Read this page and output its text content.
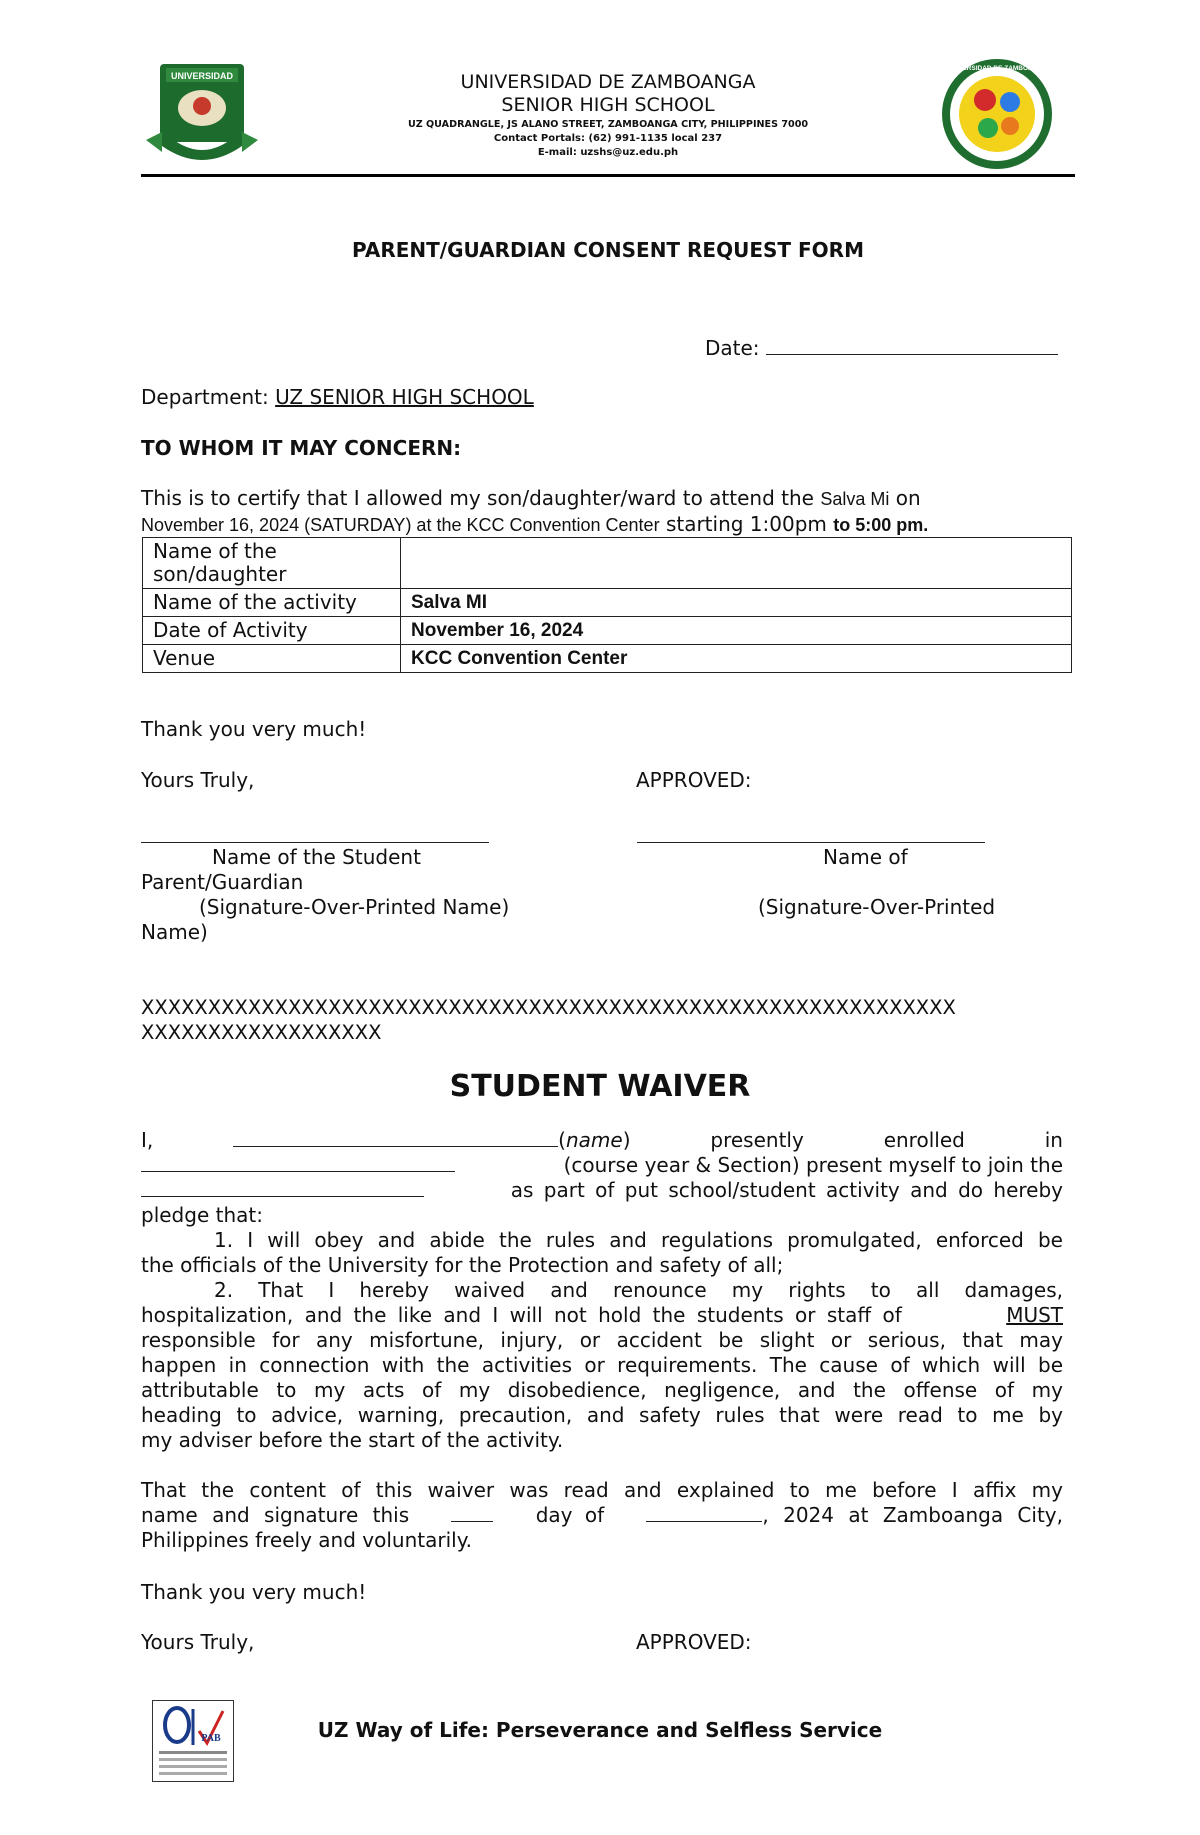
UNIVERSIDAD	UNIVERSIDAD DE ZAMBOANGA
SENIOR HIGH SCHOOL
UZ QUADRANGLE, JS ALANO STREET, ZAMBOANGA CITY, PHILIPPINES 7000
Contact Portals: (62) 991-1135 local 237
E-mail: uzshs@uz.edu.ph
UNIVERSIDAD DE ZAMBOANGA
PARENT/GUARDIAN CONSENT REQUEST FORM
Date:
Department: UZ SENIOR HIGH SCHOOL
TO WHOM IT MAY CONCERN:
This is to certify that I allowed my son/daughter/ward to attend the Salva Mi on
November 16, 2024 (SATURDAY) at the KCC Convention Center starting 1:00pm to 5:00 pm.
Name of the son/daughter	
Name of the activity	Salva MI
Date of Activity	November 16, 2024
Venue	KCC Convention Center
Thank you very much!
Yours Truly,	APPROVED:
Name of the Student	Name of
Parent/Guardian
(Signature-Over-Printed Name)	(Signature-Over-Printed
Name)
XXXXXXXXXXXXXXXXXXXXXXXXXXXXXXXXXXXXXXXXXXXXXXXXXXXXXXXXXXXXX
XXXXXXXXXXXXXXXXXX
STUDENT WAIVER
I,	(name)	presently	enrolled	in
(course year & Section) present myself to join the
as part of put school/student activity and do hereby
pledge that:
1. I will obey and abide the rules and regulations promulgated, enforced be
the officials of the University for the Protection and safety of all;
2. That I hereby waived and renounce my rights to all damages,
hospitalization, and the like and I will not hold the students or staff of	MUST
responsible for any misfortune, injury, or accident be slight or serious, that may
happen in connection with the activities or requirements. The cause of which will be
attributable to my acts of my disobedience, negligence, and the offense of my
heading to advice, warning, precaution, and safety rules that were read to me by
my adviser before the start of the activity.
That the content of this waiver was read and explained to me before I affix my
name and signature this	day of	, 2024 at Zamboanga City,
Philippines freely and voluntarily.
Thank you very much!
Yours Truly,	APPROVED:
PAB	UZ Way of Life: Perseverance and Selfless Service
